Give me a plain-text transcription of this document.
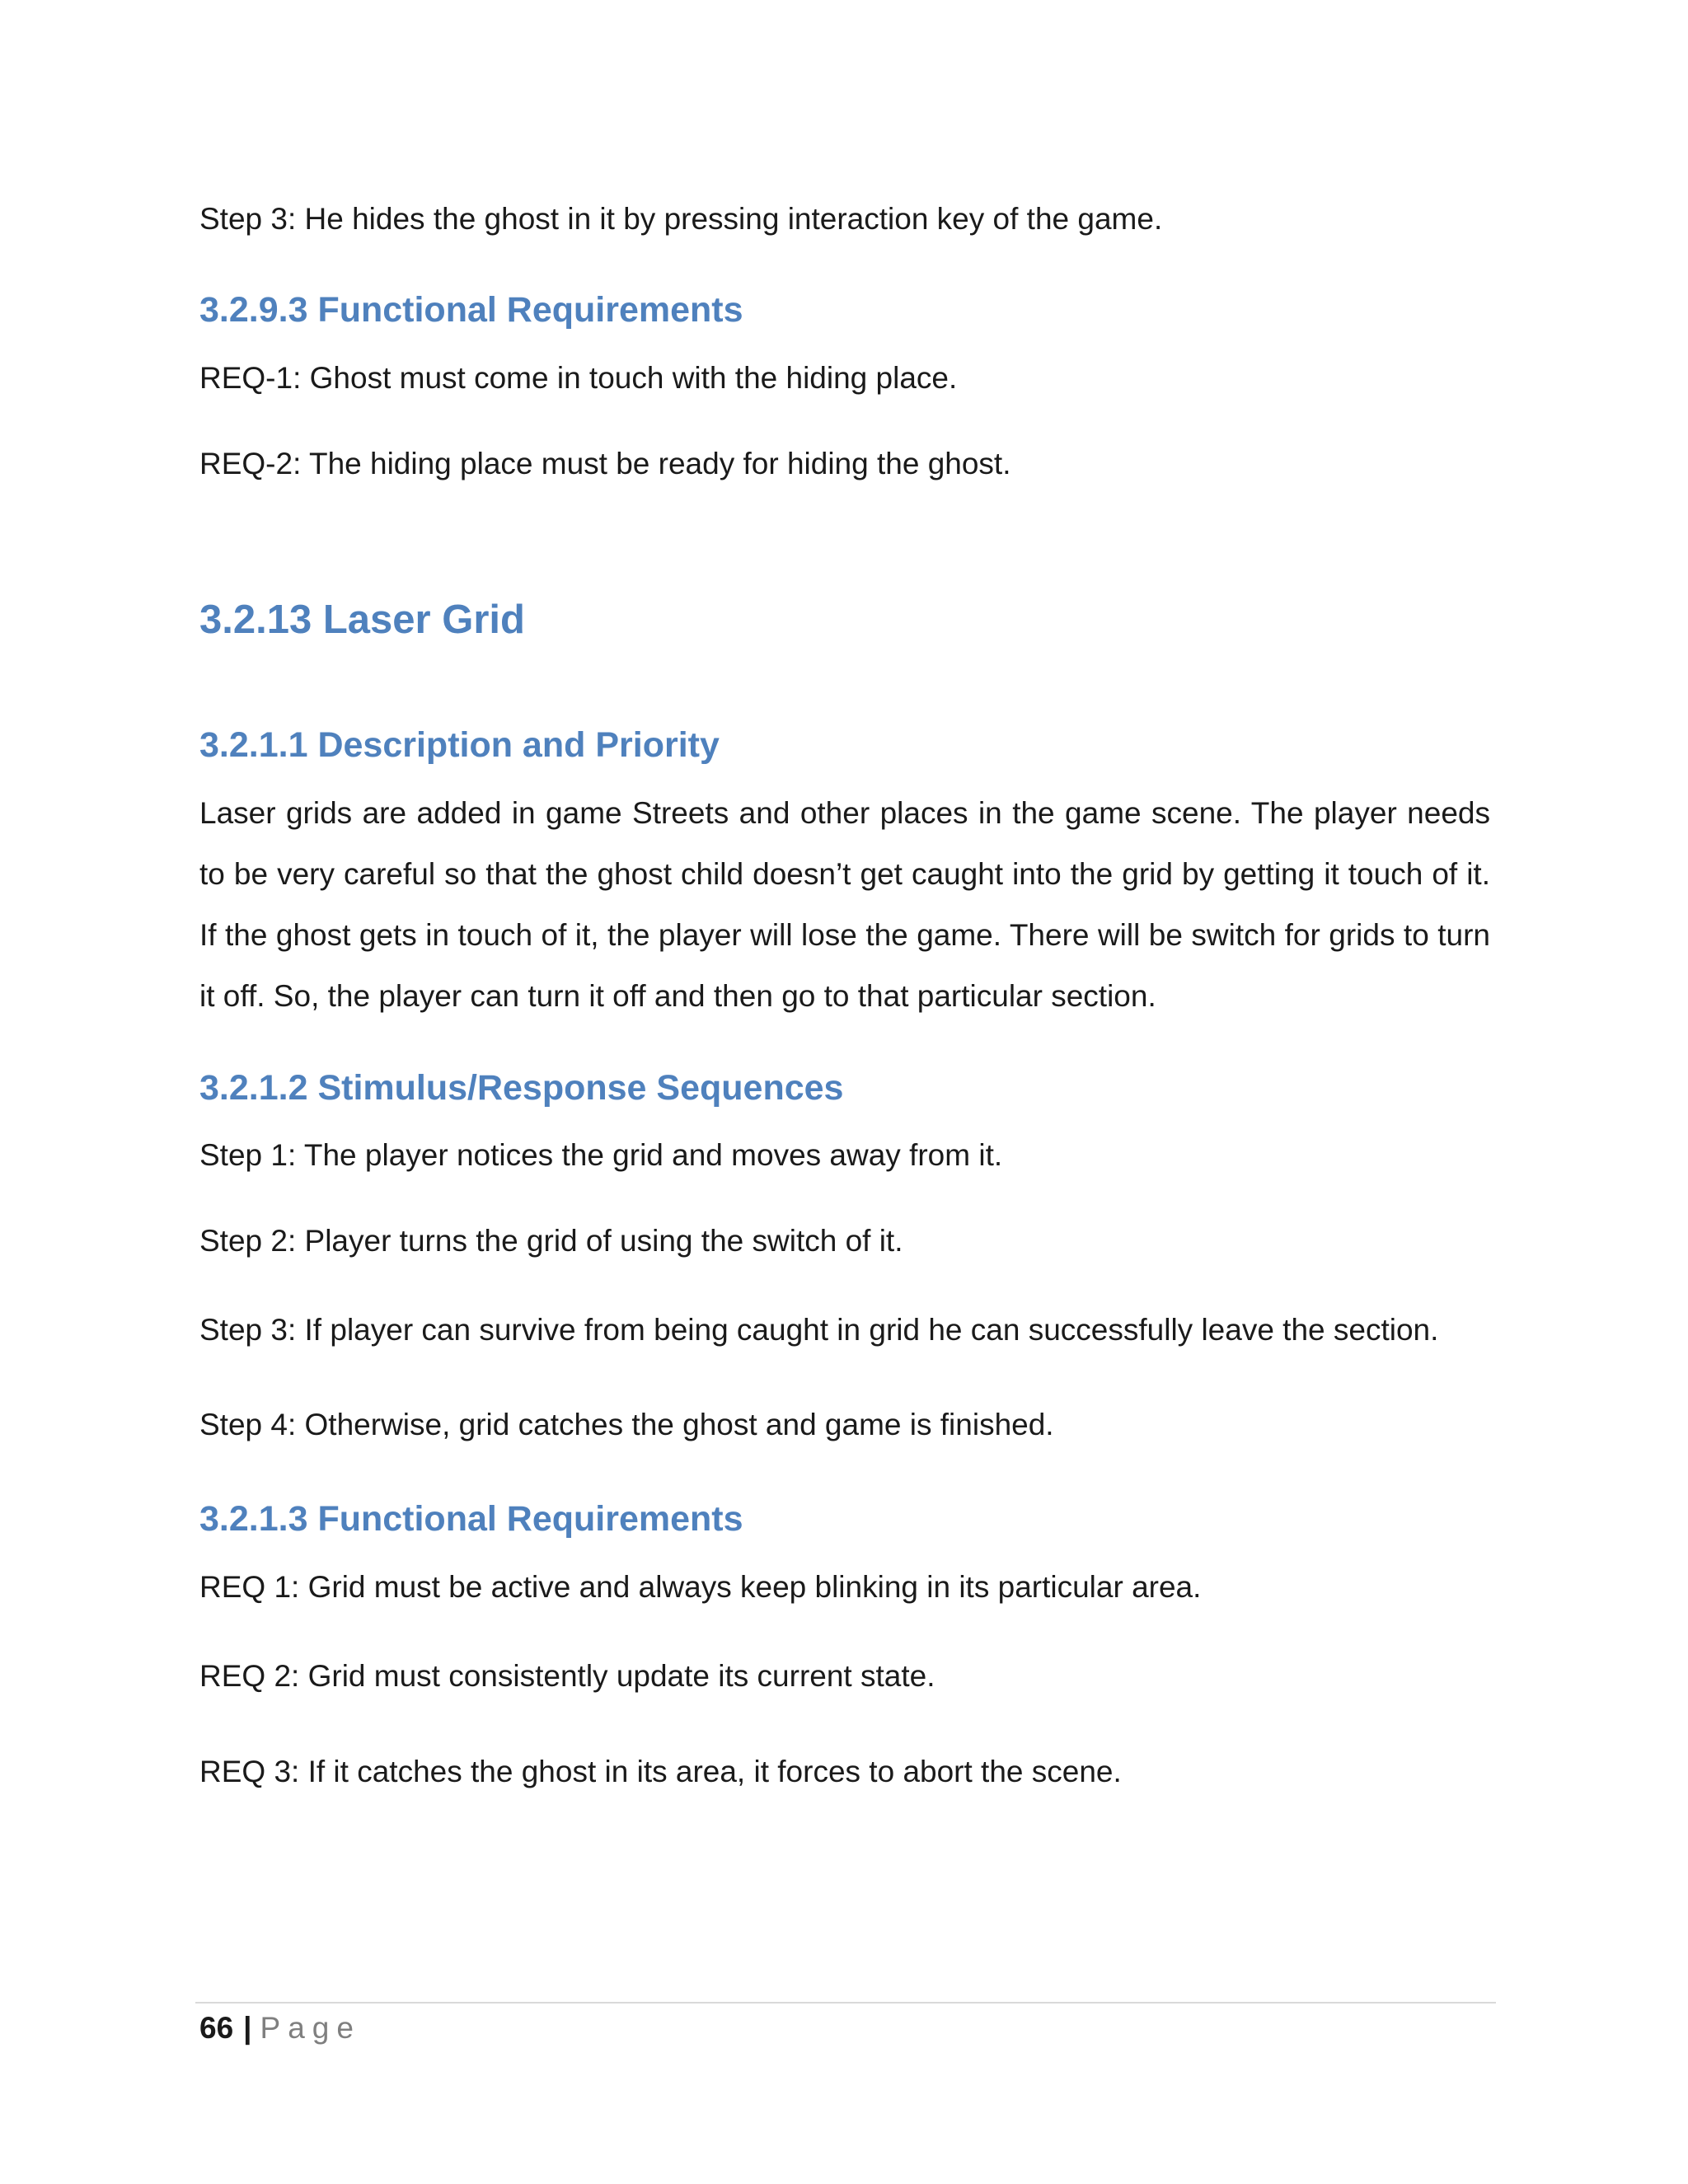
Step 3: He hides the ghost in it by pressing interaction key of the game.
3.2.9.3 Functional Requirements
REQ-1: Ghost must come in touch with the hiding place.
REQ-2: The hiding place must be ready for hiding the ghost.
3.2.13 Laser Grid
3.2.1.1 Description and Priority
Laser grids are added in game Streets and other places in the game scene. The player needs to be very careful so that the ghost child doesn’t get caught into the grid by getting it touch of it. If the ghost gets in touch of it, the player will lose the game. There will be switch for grids to turn it off. So, the player can turn it off and then go to that particular section.
3.2.1.2 Stimulus/Response Sequences
Step 1: The player notices the grid and moves away from it.
Step 2: Player turns the grid of using the switch of it.
Step 3: If player can survive from being caught in grid he can successfully leave the section.
Step 4: Otherwise, grid catches the ghost and game is finished.
3.2.1.3 Functional Requirements
REQ 1: Grid must be active and always keep blinking in its particular area.
REQ 2: Grid must consistently update its current state.
REQ 3: If it catches the ghost in its area, it forces to abort the scene.
66 | Page
